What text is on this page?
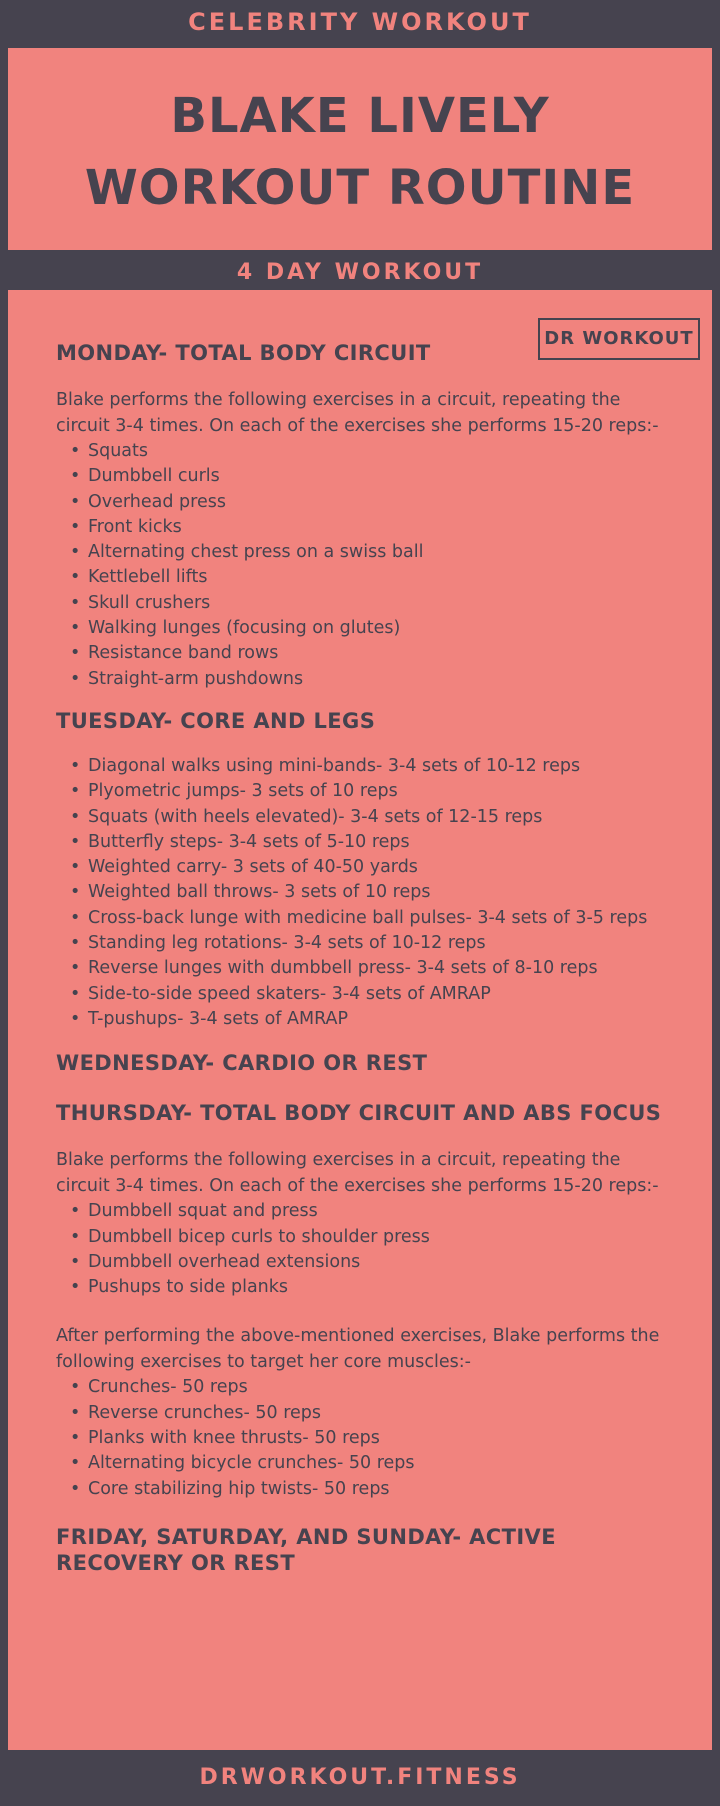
CELEBRITY WORKOUT
BLAKE LIVELY
WORKOUT ROUTINE
4 DAY WORKOUT
DR WORKOUT
MONDAY- TOTAL BODY CIRCUIT

Blake performs the following exercises in a circuit, repeating the circuit 3-4 times. On each of the exercises she performs 15-20 reps:-

• Squats
• Dumbbell curls
• Overhead press
• Front kicks
• Alternating chest press on a swiss ball
• Kettlebell lifts
• Skull crushers
• Walking lunges (focusing on glutes)
• Resistance band rows
• Straight-arm pushdowns
TUESDAY- CORE AND LEGS
• Diagonal walks using mini-bands- 3-4 sets of 10-12 reps
• Plyometric jumps- 3 sets of 10 reps
• Squats (with heels elevated)- 3-4 sets of 12-15 reps
• Butterfly steps- 3-4 sets of 5-10 reps
• Weighted carry- 3 sets of 40-50 yards
• Weighted ball throws- 3 sets of 10 reps
• Cross-back lunge with medicine ball pulses- 3-4 sets of 3-5 reps
• Standing leg rotations- 3-4 sets of 10-12 reps
• Reverse lunges with dumbbell press- 3-4 sets of 8-10 reps
• Side-to-side speed skaters- 3-4 sets of AMRAP
• T-pushups- 3-4 sets of AMRAP
WEDNESDAY- CARDIO OR REST
THURSDAY- TOTAL BODY CIRCUIT AND ABS FOCUS

Blake performs the following exercises in a circuit, repeating the circuit 3-4 times. On each of the exercises she performs 15-20 reps:-

• Dumbbell squat and press
• Dumbbell bicep curls to shoulder press
• Dumbbell overhead extensions
• Pushups to side planks

After performing the above-mentioned exercises, Blake performs the following exercises to target her core muscles:-

• Crunches- 50 reps
• Reverse crunches- 50 reps
• Planks with knee thrusts- 50 reps
• Alternating bicycle crunches- 50 reps
• Core stabilizing hip twists- 50 reps
FRIDAY, SATURDAY, AND SUNDAY- ACTIVE RECOVERY OR REST
DRWORKOUT.FITNESS
